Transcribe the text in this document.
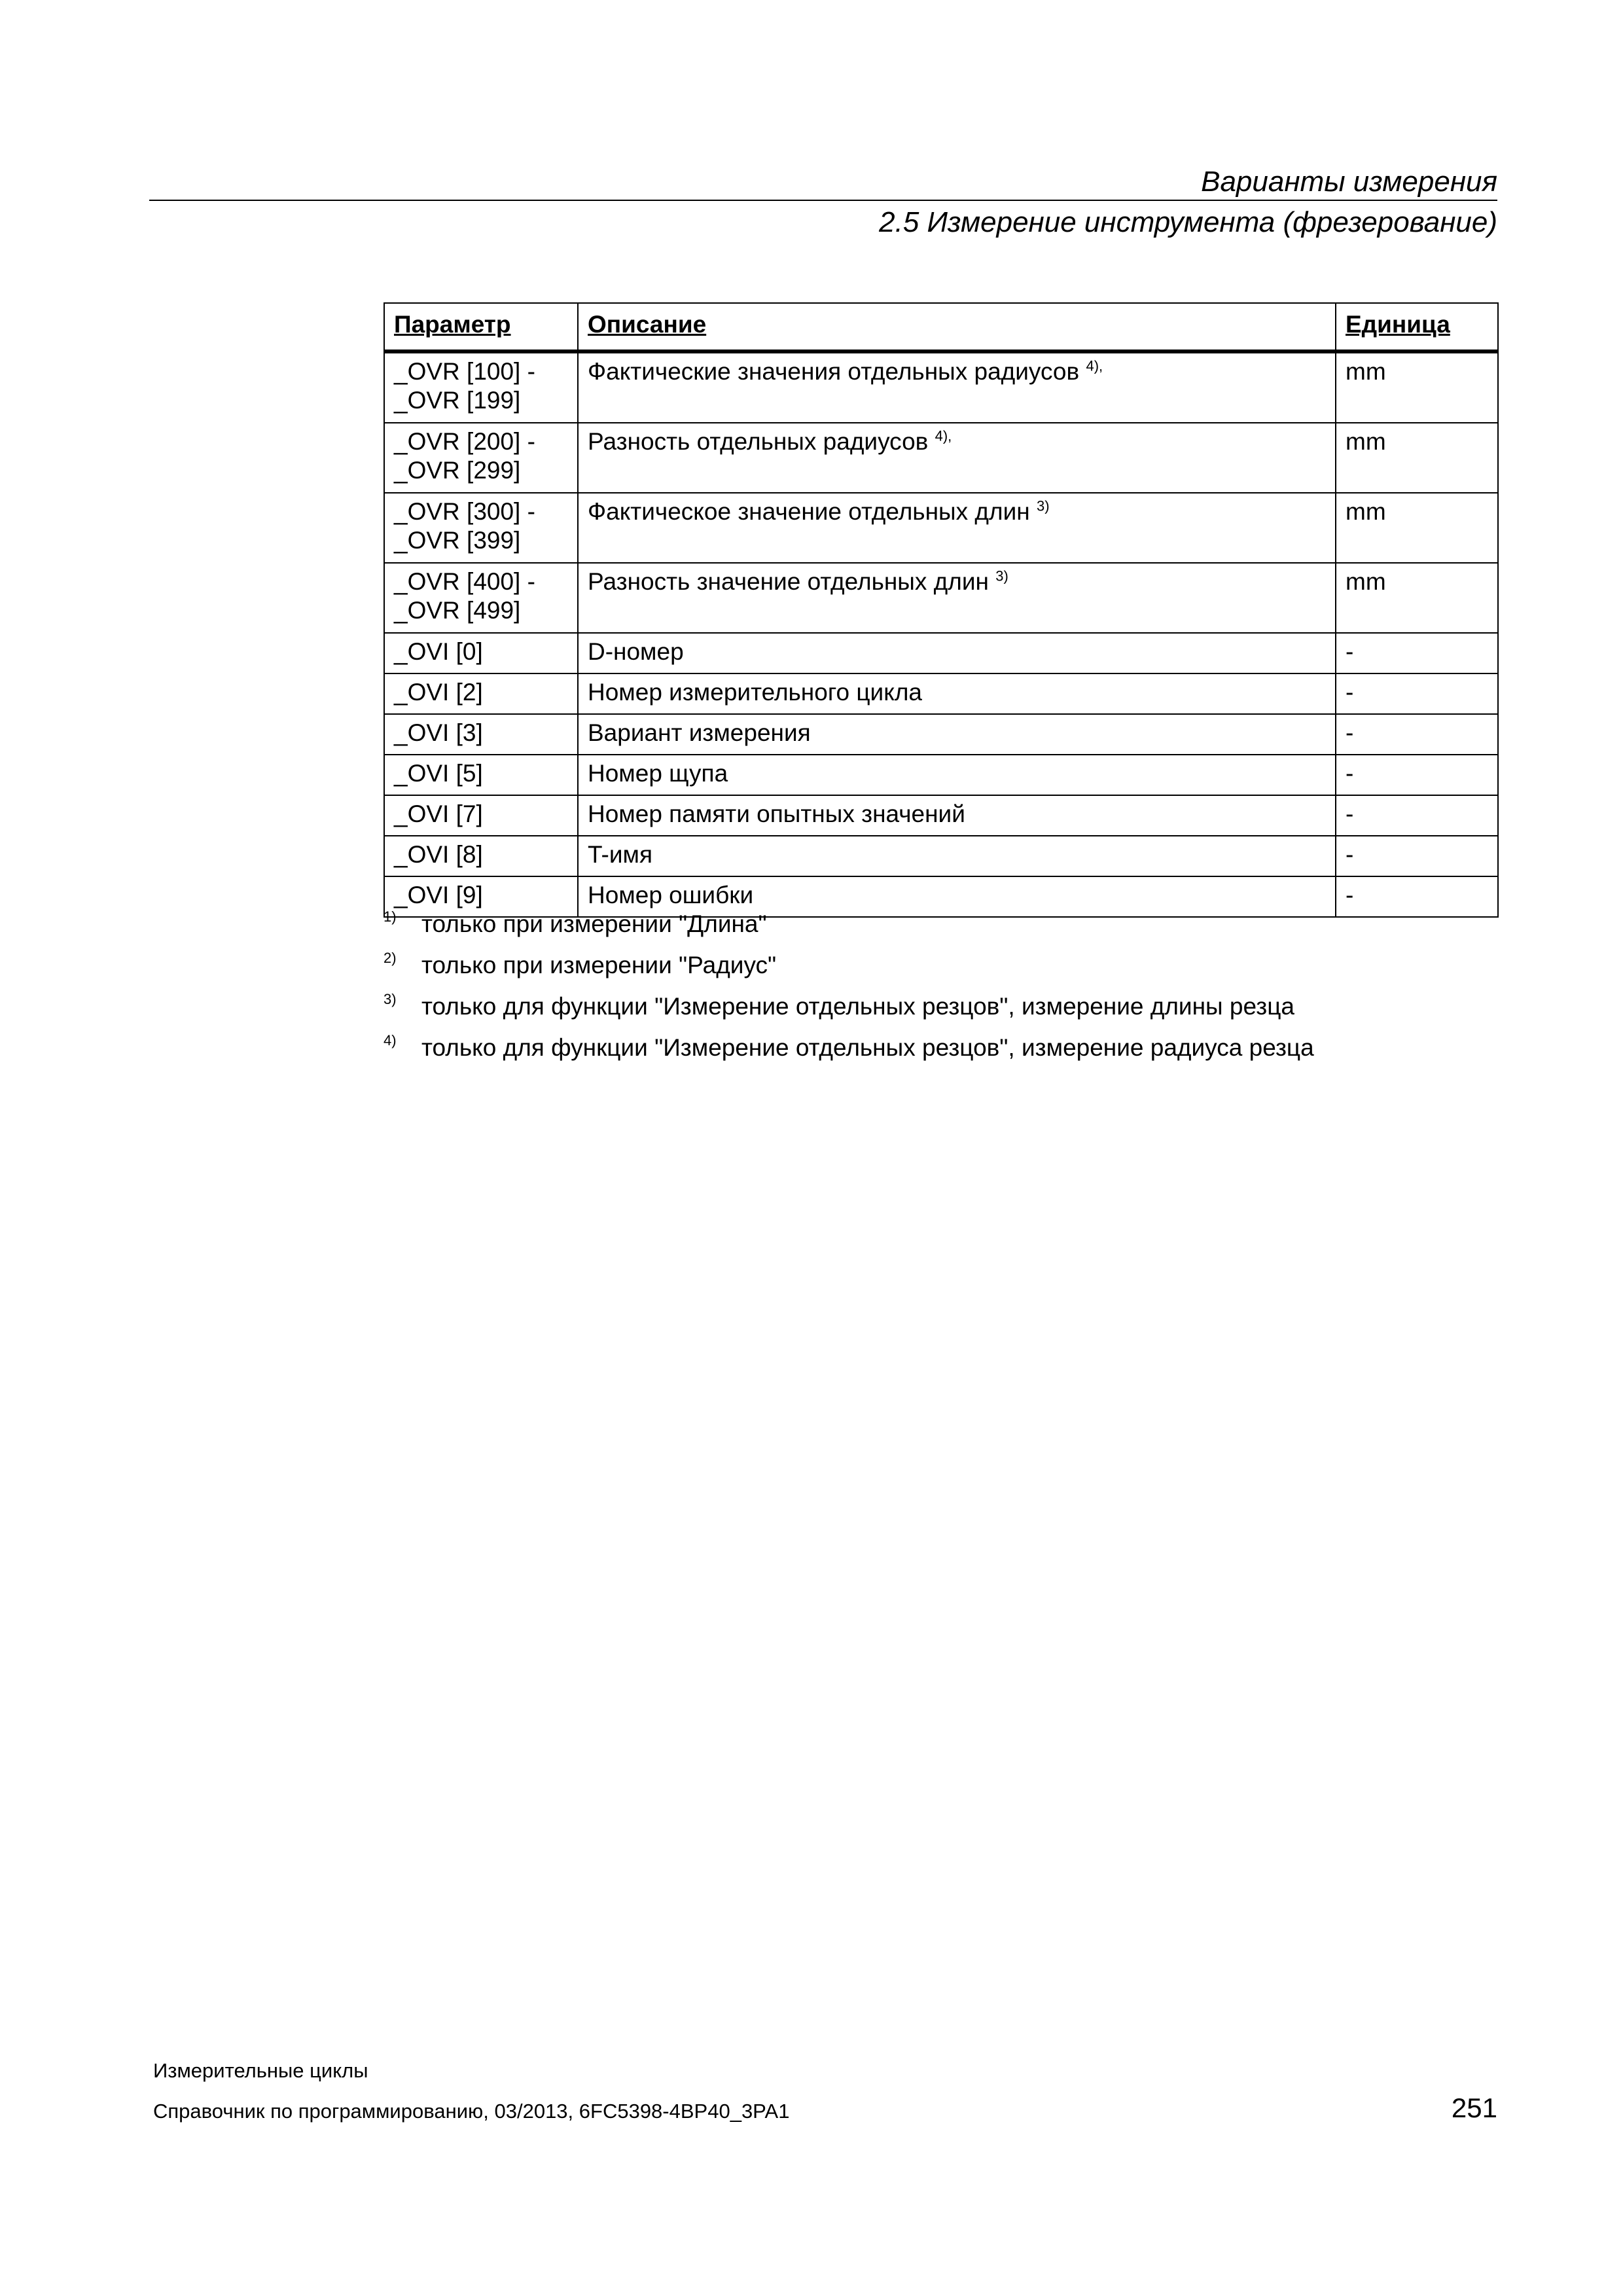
Варианты измерения
2.5 Измерение инструмента (фрезерование)
Параметр	Описание	Единица
_OVR [100] -
_OVR [199]	Фактические значения отдельных радиусов $^{4),}$	mm
_OVR [200] -
_OVR [299]	Разность отдельных радиусов $^{4),}$	mm
_OVR [300] -
_OVR [399]	Фактическое значение отдельных длин $^{3)}$	mm
_OVR [400] -
_OVR [499]	Разность значение отдельных длин $^{3)}$	mm
_OVI [0]	D-номер	-
_OVI [2]	Номер измерительного цикла	-
_OVI [3]	Вариант измерения	-
_OVI [5]	Номер щупа	-
_OVI [7]	Номер памяти опытных значений	-
_OVI [8]	T-имя	-
_OVI [9]	Номер ошибки	-
1) только при измерении "Длина"
2) только при измерении "Радиус"
3) только для функции "Измерение отдельных резцов", измерение длины резца
4) только для функции "Измерение отдельных резцов", измерение радиуса резца
Измерительные циклы
Справочник по программированию, 03/2013, 6FC5398-4BP40_3PA1	251
